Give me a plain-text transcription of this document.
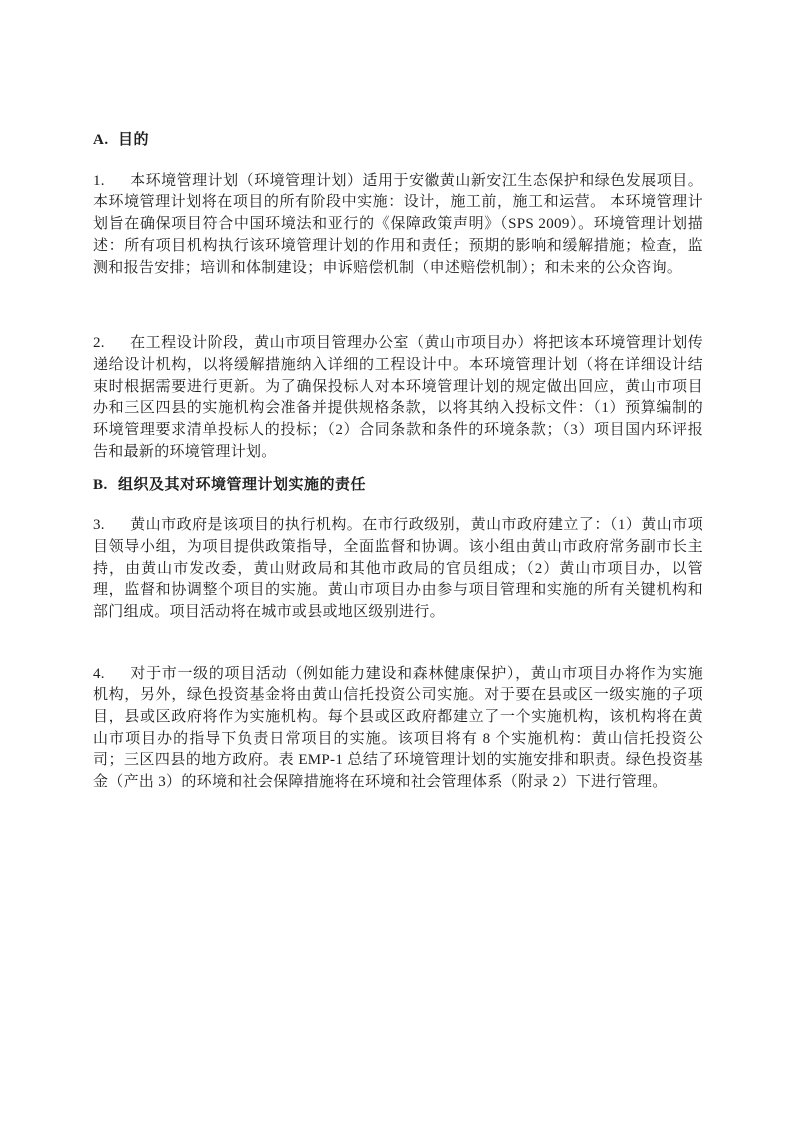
A. 目的

1. 本环境管理计划（环境管理计划）适用于安徽黄山新安江生态保护和绿色发展项目。本环境管理计划将在项目的所有阶段中实施：设计，施工前，施工和运营。 本环境管理计划旨在确保项目符合中国环境法和亚行的《保障政策声明》（SPS 2009）。环境管理计划描述：所有项目机构执行该环境管理计划的作用和责任；预期的影响和缓解措施；检查，监测和报告安排；培训和体制建设；申诉赔偿机制（申述赔偿机制）；和未来的公众咨询。

2. 在工程设计阶段，黄山市项目管理办公室（黄山市项目办）将把该本环境管理计划传递给设计机构，以将缓解措施纳入详细的工程设计中。本环境管理计划（将在详细设计结束时根据需要进行更新。为了确保投标人对本环境管理计划的规定做出回应，黄山市项目办和三区四县的实施机构会准备并提供规格条款，以将其纳入投标文件：（1）预算编制的环境管理要求清单投标人的投标；（2）合同条款和条件的环境条款；（3）项目国内环评报告和最新的环境管理计划。

B. 组织及其对环境管理计划实施的责任

3. 黄山市政府是该项目的执行机构。在市行政级别，黄山市政府建立了：（1）黄山市项目领导小组，为项目提供政策指导，全面监督和协调。该小组由黄山市政府常务副市长主持，由黄山市发改委，黄山财政局和其他市政局的官员组成；（2）黄山市项目办，以管理，监督和协调整个项目的实施。黄山市项目办由参与项目管理和实施的所有关键机构和部门组成。项目活动将在城市或县或地区级别进行。

4. 对于市一级的项目活动（例如能力建设和森林健康保护），黄山市项目办将作为实施机构，另外，绿色投资基金将由黄山信托投资公司实施。对于要在县或区一级实施的子项目，县或区政府将作为实施机构。每个县或区政府都建立了一个实施机构，该机构将在黄山市项目办的指导下负责日常项目的实施。该项目将有 8 个实施机构：黄山信托投资公司；三区四县的地方政府。表 EMP-1 总结了环境管理计划的实施安排和职责。绿色投资基金（产出 3）的环境和社会保障措施将在环境和社会管理体系（附录 2）下进行管理。
